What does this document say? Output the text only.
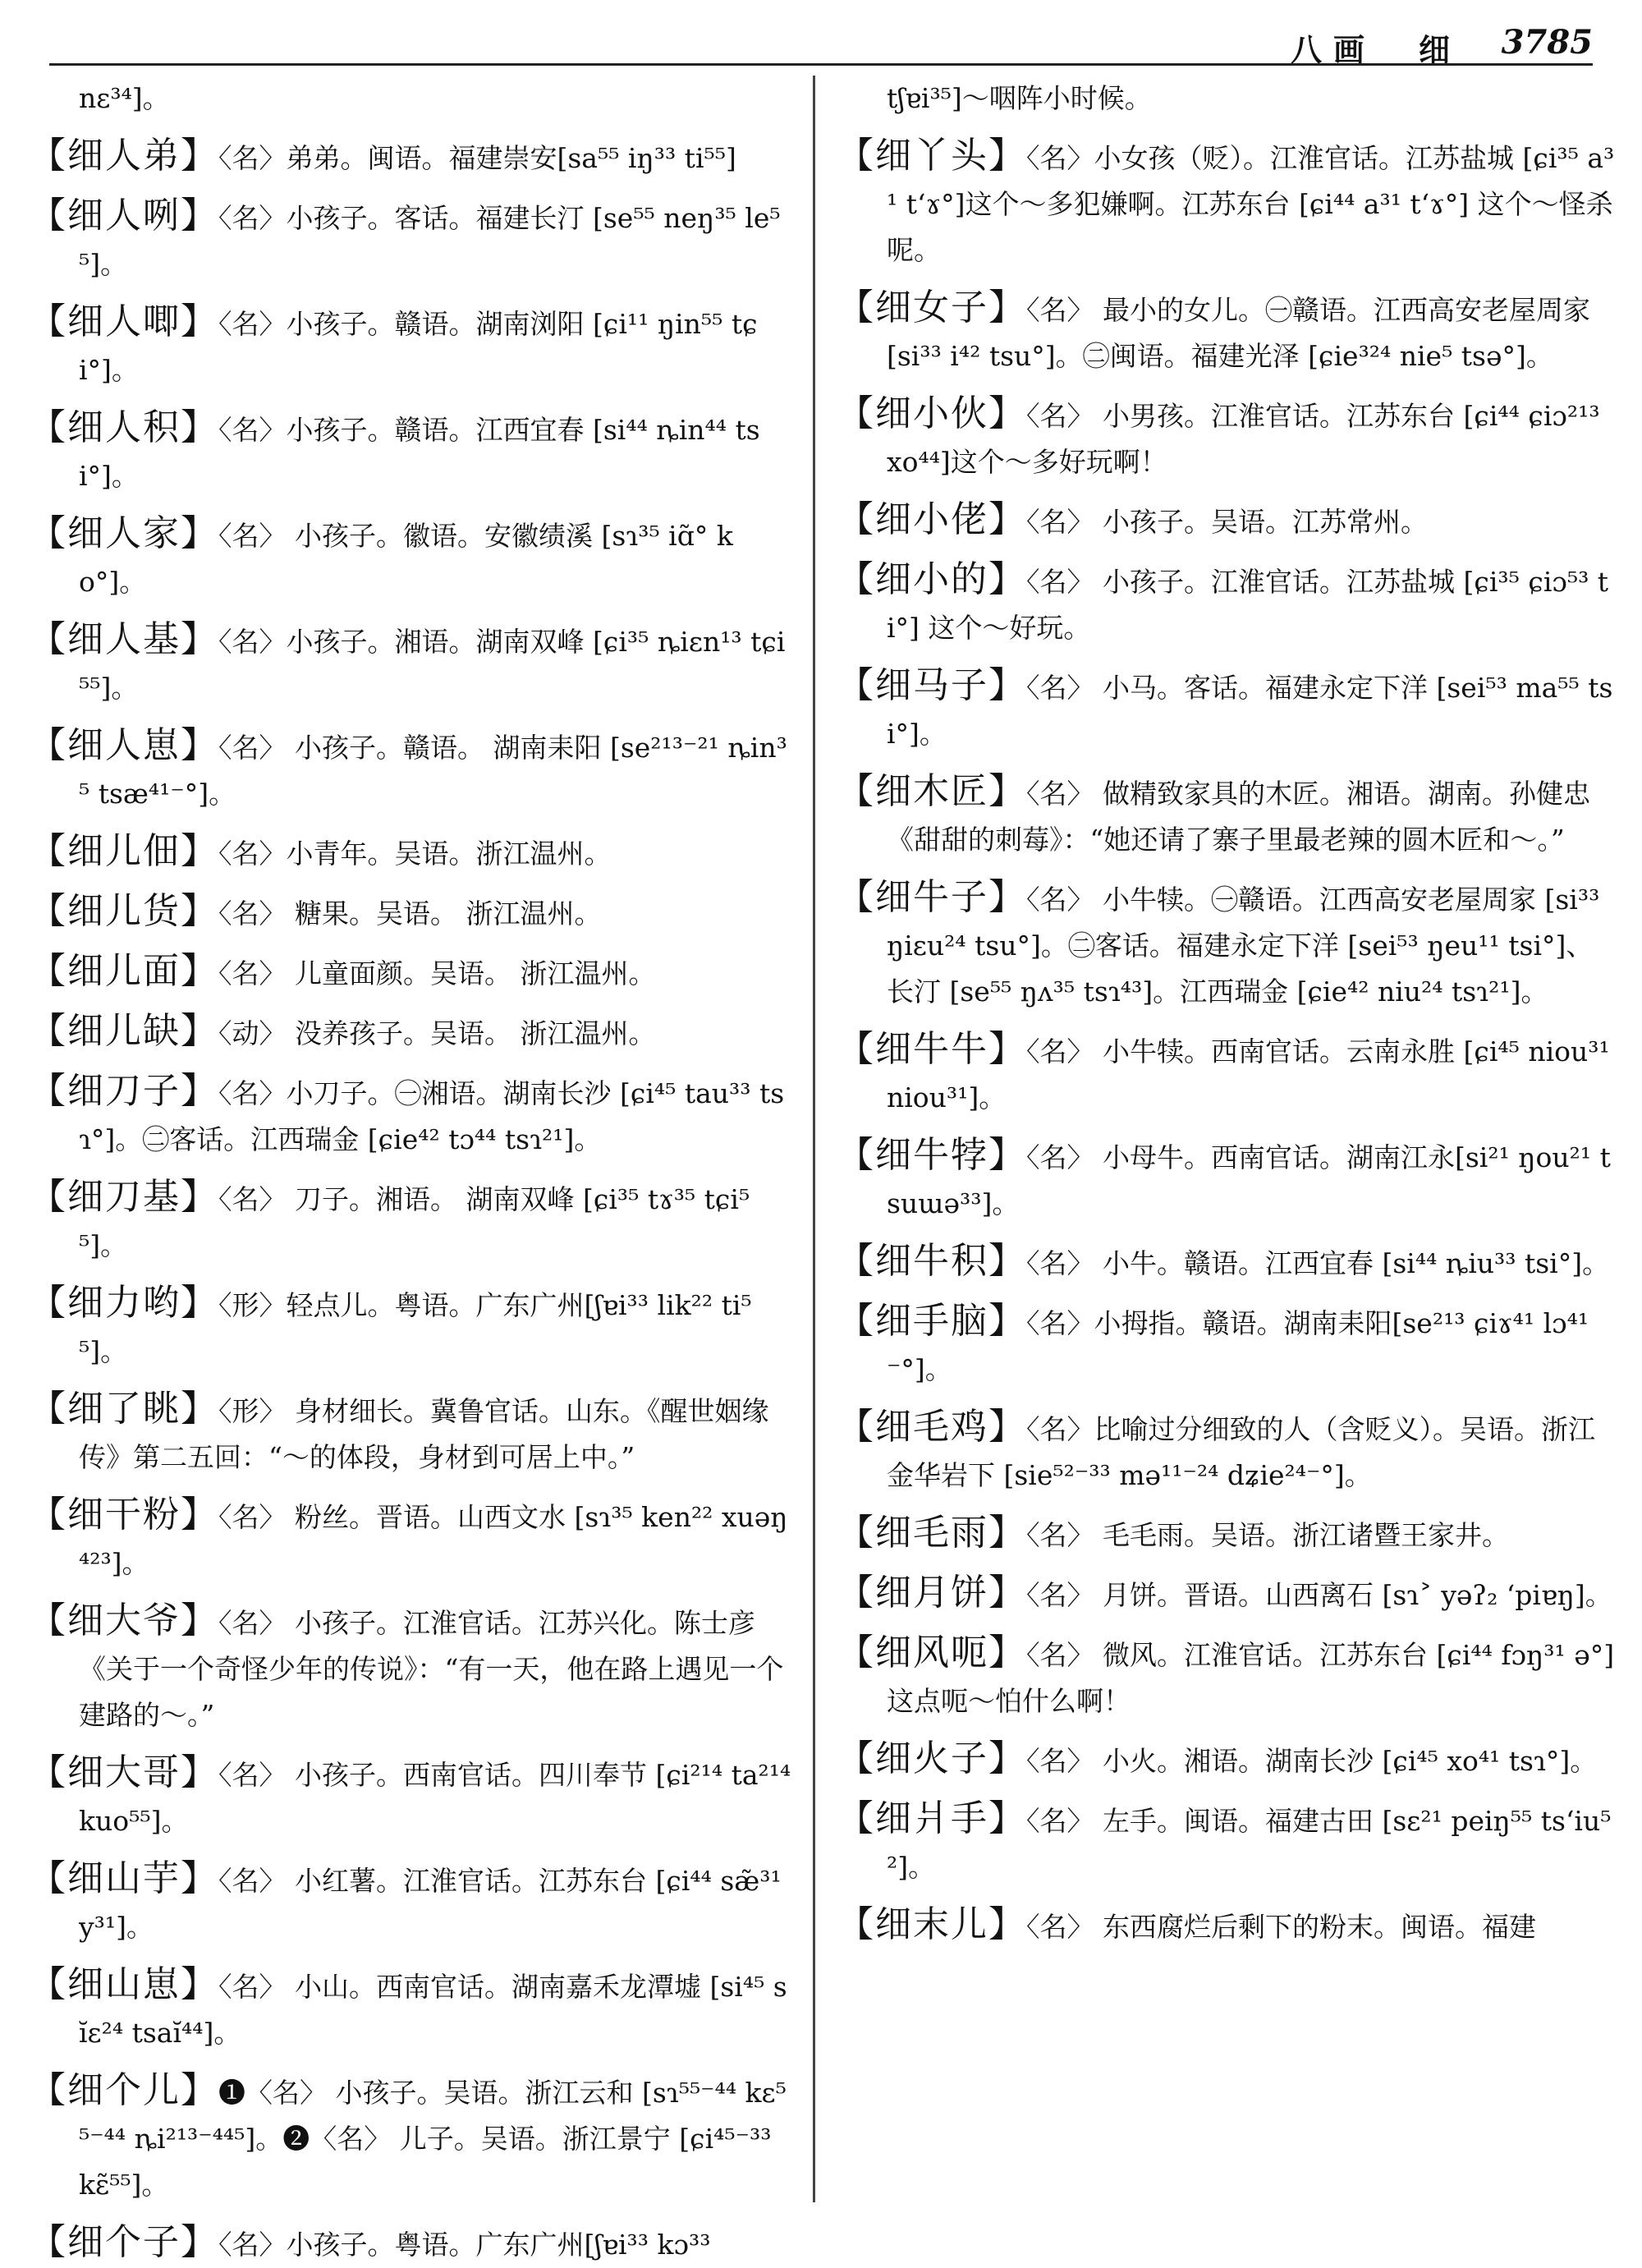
八画　细 3785

nɛ³⁴]。

【细人弟】〈名〉弟弟。闽语。福建崇安[sa⁵⁵ iŋ³³ ti⁵⁵]

【细人咧】〈名〉小孩子。客话。福建长汀 [se⁵⁵ neŋ³⁵ le⁵⁵]。

【细人唧】〈名〉小孩子。赣语。湖南浏阳 [ɕi¹¹ ŋin⁵⁵ tɕi°]。

【细人积】〈名〉小孩子。赣语。江西宜春 [si⁴⁴ ȵin⁴⁴ tsi°]。

【细人家】〈名〉 小孩子。徽语。安徽绩溪 [sɿ³⁵ iɑ̃° ko°]。

【细人基】〈名〉小孩子。湘语。湖南双峰 [ɕi³⁵ ȵiɛn¹³ tɕi⁵⁵]。

【细人崽】〈名〉 小孩子。赣语。 湖南耒阳 [se²¹³⁻²¹ ȵin³⁵ tsæ⁴¹⁻°]。

【细儿佃】〈名〉小青年。吴语。浙江温州。

【细儿货】〈名〉 糖果。吴语。 浙江温州。

【细儿面】〈名〉 儿童面颜。吴语。 浙江温州。

【细儿缺】〈动〉 没养孩子。吴语。 浙江温州。

【细刀子】〈名〉小刀子。㊀湘语。湖南长沙 [ɕi⁴⁵ tau³³ tsɿ°]。㊁客话。江西瑞金 [ɕie⁴² tɔ⁴⁴ tsɿ²¹]。

【细刀基】〈名〉 刀子。湘语。 湖南双峰 [ɕi³⁵ tɤ³⁵ tɕi⁵⁵]。

【细力哟】〈形〉轻点儿。粤语。广东广州[ʃɐi³³ lik²² ti⁵⁵]。

【细了眺】〈形〉 身材细长。冀鲁官话。山东。《醒世姻缘传》第二五回：“～的体段，身材到可居上中。”

【细干粉】〈名〉 粉丝。晋语。山西文水 [sɿ³⁵ ken²² xuəŋ⁴²³]。

【细大爷】〈名〉 小孩子。江淮官话。江苏兴化。陈士彦《关于一个奇怪少年的传说》：“有一天，他在路上遇见一个建路的～。”

【细大哥】〈名〉 小孩子。西南官话。四川奉节 [ɕi²¹⁴ ta²¹⁴ kuo⁵⁵]。

【细山芋】〈名〉 小红薯。江淮官话。江苏东台 [ɕi⁴⁴ sæ̃³¹ y³¹]。

【细山崽】〈名〉 小山。西南官话。湖南嘉禾龙潭墟 [si⁴⁵ sĭɛ²⁴ tsaĭ⁴⁴]。

【细个儿】❶〈名〉 小孩子。吴语。浙江云和 [sɿ⁵⁵⁻⁴⁴ kɛ⁵⁵⁻⁴⁴ ȵi²¹³⁻⁴⁴⁵]。❷〈名〉 儿子。吴语。浙江景宁 [ɕi⁴⁵⁻³³ kɛ̃⁵⁵]。

【细个子】〈名〉小孩子。粤语。广东广州[ʃɐi³³ kɔ³³

tʃɐi³⁵]～咽阵小时候。

【细丫头】〈名〉小女孩（贬）。江淮官话。江苏盐城 [ɕi³⁵ a³¹ tʻɤ°]这个～多犯嫌啊。江苏东台 [ɕi⁴⁴ a³¹ tʻɤ°] 这个～怪杀呢。

【细女子】〈名〉 最小的女儿。㊀赣语。江西高安老屋周家 [si³³ i⁴² tsu°]。㊁闽语。福建光泽 [ɕie³²⁴ nie⁵ tsə°]。

【细小伙】〈名〉 小男孩。江淮官话。江苏东台 [ɕi⁴⁴ ɕiɔ²¹³ xo⁴⁴]这个～多好玩啊！

【细小佬】〈名〉 小孩子。吴语。江苏常州。

【细小的】〈名〉 小孩子。江淮官话。江苏盐城 [ɕi³⁵ ɕiɔ⁵³ ti°] 这个～好玩。

【细马子】〈名〉 小马。客话。福建永定下洋 [sei⁵³ ma⁵⁵ tsi°]。

【细木匠】〈名〉 做精致家具的木匠。湘语。湖南。孙健忠《甜甜的刺莓》：“她还请了寨子里最老辣的圆木匠和～。”

【细牛子】〈名〉 小牛犊。㊀赣语。江西高安老屋周家 [si³³ ŋiɛu²⁴ tsu°]。㊁客话。福建永定下洋 [sei⁵³ ŋeu¹¹ tsi°]、长汀 [se⁵⁵ ŋʌ³⁵ tsɿ⁴³]。江西瑞金 [ɕie⁴² niu²⁴ tsɿ²¹]。

【细牛牛】〈名〉 小牛犊。西南官话。云南永胜 [ɕi⁴⁵ niou³¹ niou³¹]。

【细牛㹀】〈名〉 小母牛。西南官话。湖南江永[si²¹ ŋou²¹ tsuɯə³³]。

【细牛积】〈名〉 小牛。赣语。江西宜春 [si⁴⁴ ȵiu³³ tsi°]。

【细手脑】〈名〉小拇指。赣语。湖南耒阳[se²¹³ ɕiɤ⁴¹ lɔ⁴¹⁻°]。

【细毛鸡】〈名〉比喻过分细致的人（含贬义）。吴语。浙江金华岩下 [sie⁵²⁻³³ mə¹¹⁻²⁴ dʑie²⁴⁻°]。

【细毛雨】〈名〉 毛毛雨。吴语。浙江诸暨王家井。

【细月饼】〈名〉 月饼。晋语。山西离石 [sɿ˃ yəʔ₂ ʻpiɐŋ]。

【细风呃】〈名〉 微风。江淮官话。江苏东台 [ɕi⁴⁴ fɔŋ³¹ ə°]这点呃～怕什么啊！

【细火子】〈名〉 小火。湘语。湖南长沙 [ɕi⁴⁵ xo⁴¹ tsɿ°]。

【细爿手】〈名〉 左手。闽语。福建古田 [sɛ²¹ peiŋ⁵⁵ tsʻiu⁵²]。

【细末儿】〈名〉 东西腐烂后剩下的粉末。闽语。福建
